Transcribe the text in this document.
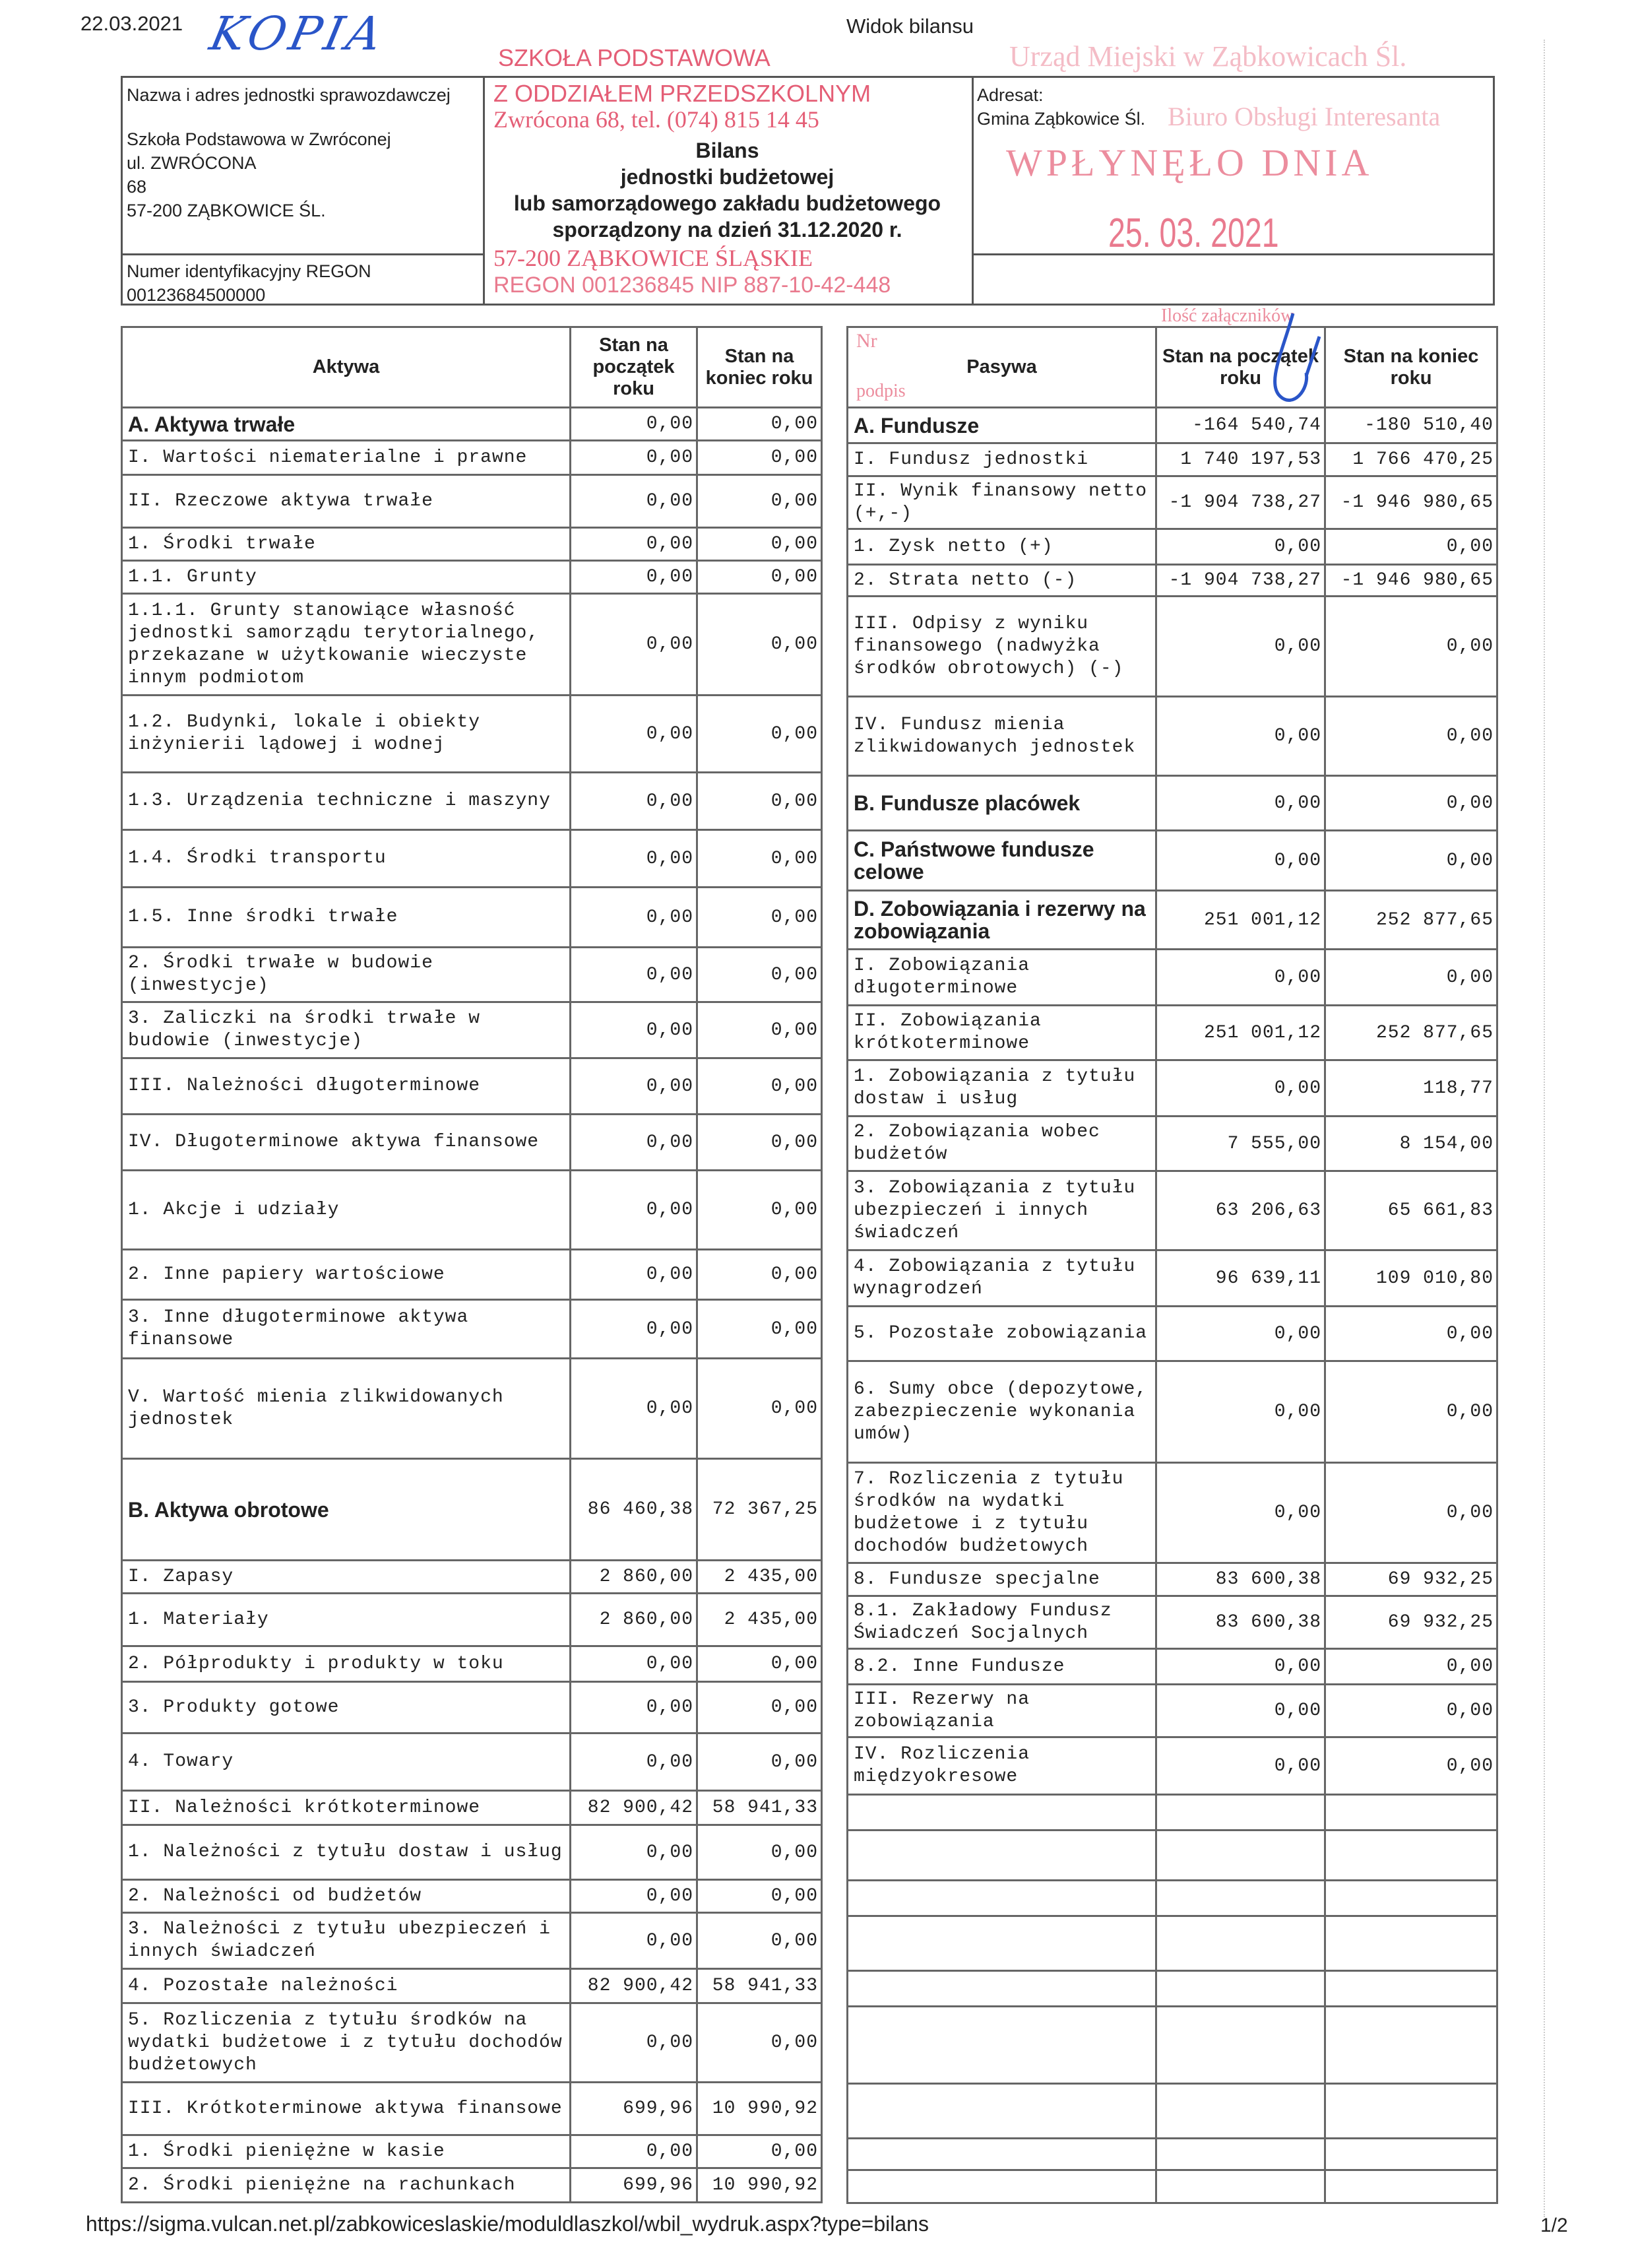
22.03.2021 KOPIA	Widok bilansu
Nazwa i adres jednostki sprawozdawczej
Szkoła Podstawowa w Zwróconej
ul. ZWRÓCONA
68
57-200 ZĄBKOWICE ŚL.
Numer identyfikacyjny REGON
00123684500000
Bilans
jednostki budżetowej
lub samorządowego zakładu budżetowego
sporządzony na dzień 31.12.2020 r.
Adresat:
Gmina Ząbkowice Śl.
SZKOŁA PODSTAWOWA
Z ODDZIAŁEM PRZEDSZKOLNYM
Zwrócona 68, tel. (074) 815 14 45
57-200 ZĄBKOWICE ŚLĄSKIE
REGON 001236845 NIP 887-10-42-448
Urząd Miejski w Ząbkowicach Śl.
Biuro Obsługi Interesanta
WPŁYNĘŁO DNIA
25. 03. 2021
Nr
Ilość załączników
podpis
Aktywa	Stan na początek roku	Stan na koniec roku
A. Aktywa trwałe	0,00	0,00
I. Wartości niematerialne i prawne	0,00	0,00
II. Rzeczowe aktywa trwałe	0,00	0,00
1. Środki trwałe	0,00	0,00
1.1. Grunty	0,00	0,00
1.1.1. Grunty stanowiące własność jednostki samorządu terytorialnego, przekazane w użytkowanie wieczyste innym podmiotom	0,00	0,00
1.2. Budynki, lokale i obiekty inżynierii lądowej i wodnej	0,00	0,00
1.3. Urządzenia techniczne i maszyny	0,00	0,00
1.4. Środki transportu	0,00	0,00
1.5. Inne środki trwałe	0,00	0,00
2. Środki trwałe w budowie (inwestycje)	0,00	0,00
3. Zaliczki na środki trwałe w budowie (inwestycje)	0,00	0,00
III. Należności długoterminowe	0,00	0,00
IV. Długoterminowe aktywa finansowe	0,00	0,00
1. Akcje i udziały	0,00	0,00
2. Inne papiery wartościowe	0,00	0,00
3. Inne długoterminowe aktywa finansowe	0,00	0,00
V. Wartość mienia zlikwidowanych jednostek	0,00	0,00
B. Aktywa obrotowe	86 460,38	72 367,25
I. Zapasy	2 860,00	2 435,00
1. Materiały	2 860,00	2 435,00
2. Półprodukty i produkty w toku	0,00	0,00
3. Produkty gotowe	0,00	0,00
4. Towary	0,00	0,00
II. Należności krótkoterminowe	82 900,42	58 941,33
1. Należności z tytułu dostaw i usług	0,00	0,00
2. Należności od budżetów	0,00	0,00
3. Należności z tytułu ubezpieczeń i innych świadczeń	0,00	0,00
4. Pozostałe należności	82 900,42	58 941,33
5. Rozliczenia z tytułu środków na wydatki budżetowe i z tytułu dochodów budżetowych	0,00	0,00
III. Krótkoterminowe aktywa finansowe	699,96	10 990,92
1. Środki pieniężne w kasie	0,00	0,00
2. Środki pieniężne na rachunkach	699,96	10 990,92
Pasywa	Stan na początek roku	Stan na koniec roku
A. Fundusze	-164 540,74	-180 510,40
I. Fundusz jednostki	1 740 197,53	1 766 470,25
II. Wynik finansowy netto (+,-)	-1 904 738,27	-1 946 980,65
1. Zysk netto (+)	0,00	0,00
2. Strata netto (-)	-1 904 738,27	-1 946 980,65
III. Odpisy z wyniku finansowego (nadwyżka środków obrotowych) (-)	0,00	0,00
IV. Fundusz mienia zlikwidowanych jednostek	0,00	0,00
B. Fundusze placówek	0,00	0,00
C. Państwowe fundusze celowe	0,00	0,00
D. Zobowiązania i rezerwy na zobowiązania	251 001,12	252 877,65
I. Zobowiązania długoterminowe	0,00	0,00
II. Zobowiązania krótkoterminowe	251 001,12	252 877,65
1. Zobowiązania z tytułu dostaw i usług	0,00	118,77
2. Zobowiązania wobec budżetów	7 555,00	8 154,00
3. Zobowiązania z tytułu ubezpieczeń i innych świadczeń	63 206,63	65 661,83
4. Zobowiązania z tytułu wynagrodzeń	96 639,11	109 010,80
5. Pozostałe zobowiązania	0,00	0,00
6. Sumy obce (depozytowe, zabezpieczenie wykonania umów)	0,00	0,00
7. Rozliczenia z tytułu środków na wydatki budżetowe i z tytułu dochodów budżetowych	0,00	0,00
8. Fundusze specjalne	83 600,38	69 932,25
8.1. Zakładowy Fundusz Świadczeń Socjalnych	83 600,38	69 932,25
8.2. Inne Fundusze	0,00	0,00
III. Rezerwy na zobowiązania	0,00	0,00
IV. Rozliczenia międzyokresowe	0,00	0,00

https://sigma.vulcan.net.pl/zabkowiceslaskie/moduldlaszkol/wbil_wydruk.aspx?type=bilans	1/2
